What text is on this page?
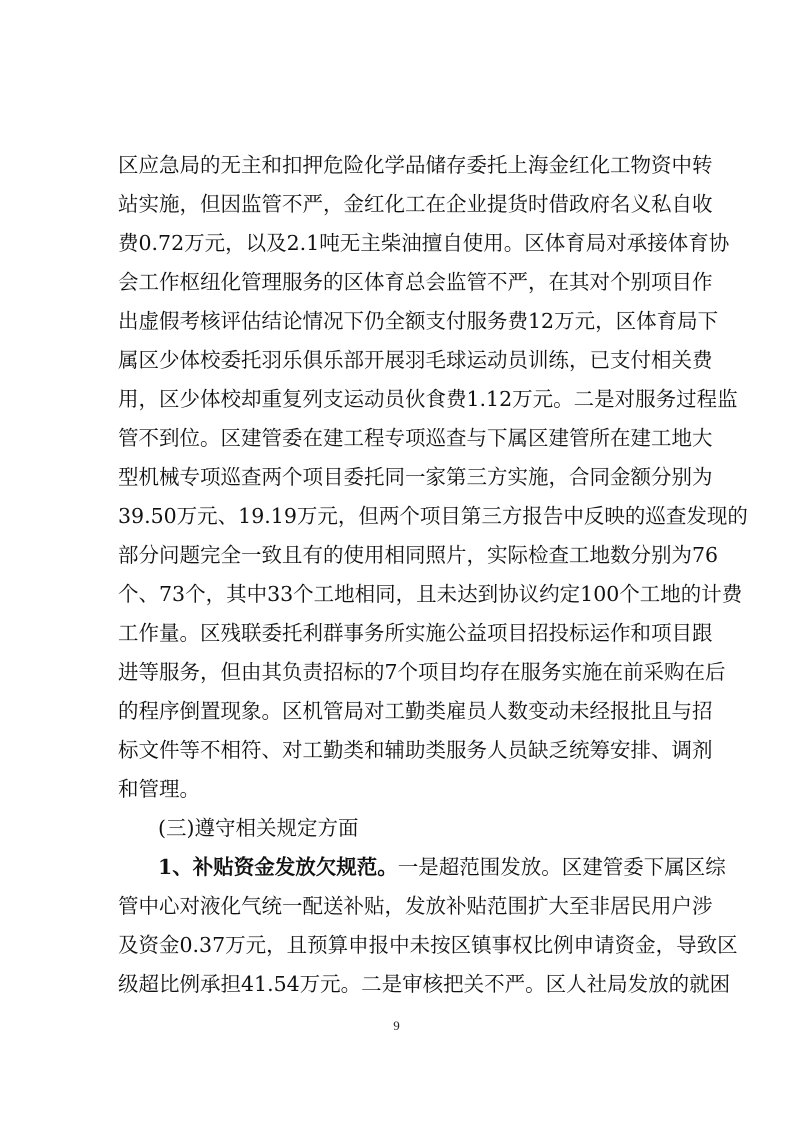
区应急局的无主和扣押危险化学品储存委托上海金红化工物资中转
站实施，但因监管不严，金红化工在企业提货时借政府名义私自收
费0.72万元，以及2.1吨无主柴油擅自使用。区体育局对承接体育协
会工作枢纽化管理服务的区体育总会监管不严，在其对个别项目作
出虚假考核评估结论情况下仍全额支付服务费12万元，区体育局下
属区少体校委托羽乐俱乐部开展羽毛球运动员训练，已支付相关费
用，区少体校却重复列支运动员伙食费1.12万元。二是对服务过程监
管不到位。区建管委在建工程专项巡查与下属区建管所在建工地大
型机械专项巡查两个项目委托同一家第三方实施，合同金额分别为
39.50万元、19.19万元，但两个项目第三方报告中反映的巡查发现的
部分问题完全一致且有的使用相同照片，实际检查工地数分别为76
个、73个，其中33个工地相同，且未达到协议约定100个工地的计费
工作量。区残联委托利群事务所实施公益项目招投标运作和项目跟
进等服务，但由其负责招标的7个项目均存在服务实施在前采购在后
的程序倒置现象。区机管局对工勤类雇员人数变动未经报批且与招
标文件等不相符、对工勤类和辅助类服务人员缺乏统筹安排、调剂
和管理。
(三)遵守相关规定方面
1、补贴资金发放欠规范。一是超范围发放。区建管委下属区综
管中心对液化气统一配送补贴，发放补贴范围扩大至非居民用户涉
及资金0.37万元，且预算申报中未按区镇事权比例申请资金，导致区
级超比例承担41.54万元。二是审核把关不严。区人社局发放的就困
9
